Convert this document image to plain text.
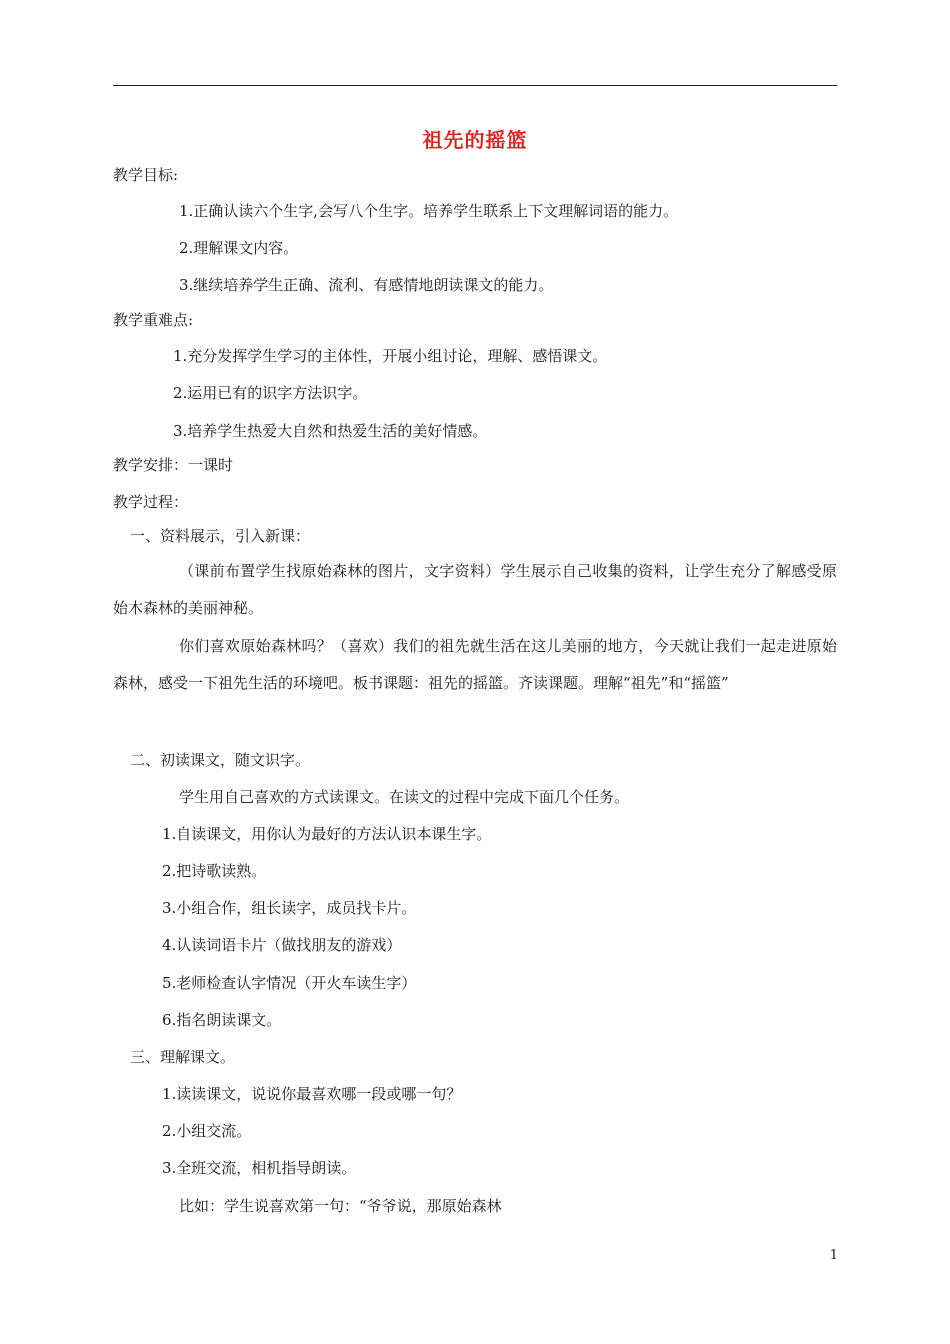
祖先的摇篮
教学目标:
1.正确认读六个生字,会写八个生字。培养学生联系上下文理解词语的能力。
2.理解课文内容。
3.继续培养学生正确、流利、有感情地朗读课文的能力。
教学重难点:
1.充分发挥学生学习的主体性，开展小组讨论，理解、感悟课文。
2.运用已有的识字方法识字。
3.培养学生热爱大自然和热爱生活的美好情感。
教学安排：一课时
教学过程：
一、资料展示，引入新课：
（课前布置学生找原始森林的图片，文字资料）学生展示自己收集的资料，让学生充分了解感受原始木森林的美丽神秘。
你们喜欢原始森林吗？（喜欢）我们的祖先就生活在这儿美丽的地方，今天就让我们一起走进原始森林，感受一下祖先生活的环境吧。板书课题：祖先的摇篮。齐读课题。理解“祖先”和“摇篮”
二、初读课文，随文识字。
学生用自己喜欢的方式读课文。在读文的过程中完成下面几个任务。
1.自读课文，用你认为最好的方法认识本课生字。
2.把诗歌读熟。
3.小组合作，组长读字，成员找卡片。
4.认读词语卡片（做找朋友的游戏）
5.老师检查认字情况（开火车读生字）
6.指名朗读课文。
三、理解课文。
1.读读课文，说说你最喜欢哪一段或哪一句？
2.小组交流。
3.全班交流，相机指导朗读。
比如：学生说喜欢第一句：“爷爷说，那原始森林
1
